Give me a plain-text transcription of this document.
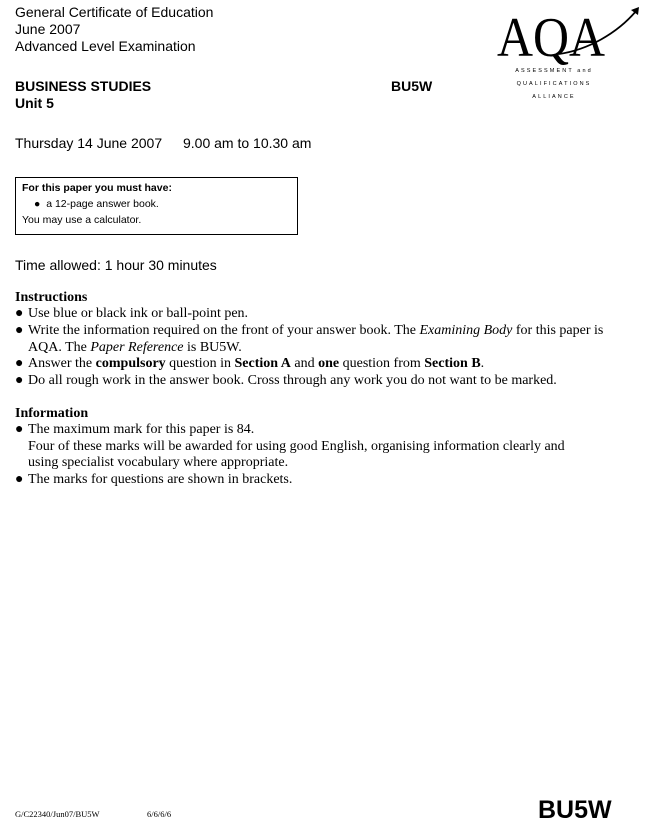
General Certificate of Education
June 2007
Advanced Level Examination
BUSINESS STUDIES
Unit 5
BU5W
Thursday 14 June 2007 9.00 am to 10.30 am
AQA
ASSESSMENT and
QUALIFICATIONS
ALLIANCE
For this paper you must have:
● a 12-page answer book.
You may use a calculator.
Time allowed: 1 hour 30 minutes
Instructions
● Use blue or black ink or ball-point pen.
● Write the information required on the front of your answer book. The Examining Body for this paper is AQA. The Paper Reference is BU5W.
● Answer the compulsory question in Section A and one question from Section B.
● Do all rough work in the answer book. Cross through any work you do not want to be marked.
Information
● The maximum mark for this paper is 84.
Four of these marks will be awarded for using good English, organising information clearly and using specialist vocabulary where appropriate.
● The marks for questions are shown in brackets.
G/C22340/Jun07/BU5W	6/6/6/6	BU5W
